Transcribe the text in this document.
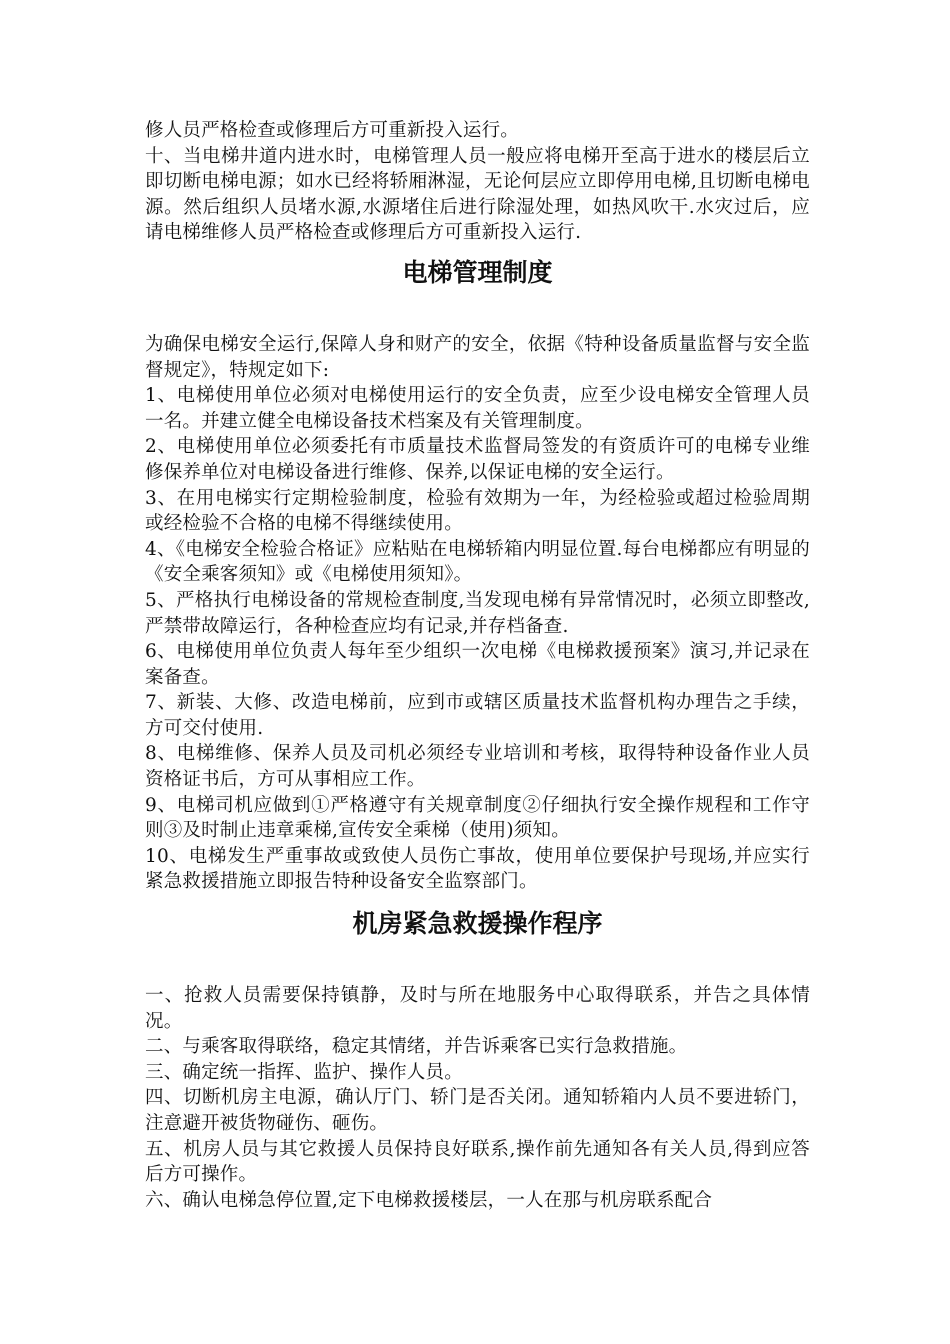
修人员严格检查或修理后方可重新投入运行。

十、当电梯井道内进水时，电梯管理人员一般应将电梯开至高于进水的楼层后立即切断电梯电源；如水已经将轿厢淋湿，无论何层应立即停用电梯,且切断电梯电源。然后组织人员堵水源,水源堵住后进行除湿处理，如热风吹干.水灾过后，应请电梯维修人员严格检查或修理后方可重新投入运行.

电梯管理制度

为确保电梯安全运行,保障人身和财产的安全，依据《特种设备质量监督与安全监督规定》，特规定如下:

1、电梯使用单位必须对电梯使用运行的安全负责，应至少设电梯安全管理人员一名。并建立健全电梯设备技术档案及有关管理制度。

2、电梯使用单位必须委托有市质量技术监督局签发的有资质许可的电梯专业维修保养单位对电梯设备进行维修、保养,以保证电梯的安全运行。

3、在用电梯实行定期检验制度，检验有效期为一年，为经检验或超过检验周期或经检验不合格的电梯不得继续使用。

4、《电梯安全检验合格证》应粘贴在电梯轿箱内明显位置.每台电梯都应有明显的《安全乘客须知》或《电梯使用须知》。

5、严格执行电梯设备的常规检查制度,当发现电梯有异常情况时，必须立即整改,严禁带故障运行，各种检查应均有记录,并存档备查.

6、电梯使用单位负责人每年至少组织一次电梯《电梯救援预案》演习,并记录在案备查。

7、新装、大修、改造电梯前，应到市或辖区质量技术监督机构办理告之手续，方可交付使用.

8、电梯维修、保养人员及司机必须经专业培训和考核，取得特种设备作业人员资格证书后，方可从事相应工作。

9、电梯司机应做到①严格遵守有关规章制度②仔细执行安全操作规程和工作守则③及时制止违章乘梯,宣传安全乘梯（使用)须知。

10、电梯发生严重事故或致使人员伤亡事故，使用单位要保护号现场,并应实行紧急救援措施立即报告特种设备安全监察部门。

机房紧急救援操作程序

一、抢救人员需要保持镇静，及时与所在地服务中心取得联系，并告之具体情况。

二、与乘客取得联络，稳定其情绪，并告诉乘客已实行急救措施。

三、确定统一指挥、监护、操作人员。

四、切断机房主电源，确认厅门、轿门是否关闭。通知轿箱内人员不要进轿门，注意避开被货物碰伤、砸伤。

五、机房人员与其它救援人员保持良好联系,操作前先通知各有关人员,得到应答后方可操作。

六、确认电梯急停位置,定下电梯救援楼层，一人在那与机房联系配合
